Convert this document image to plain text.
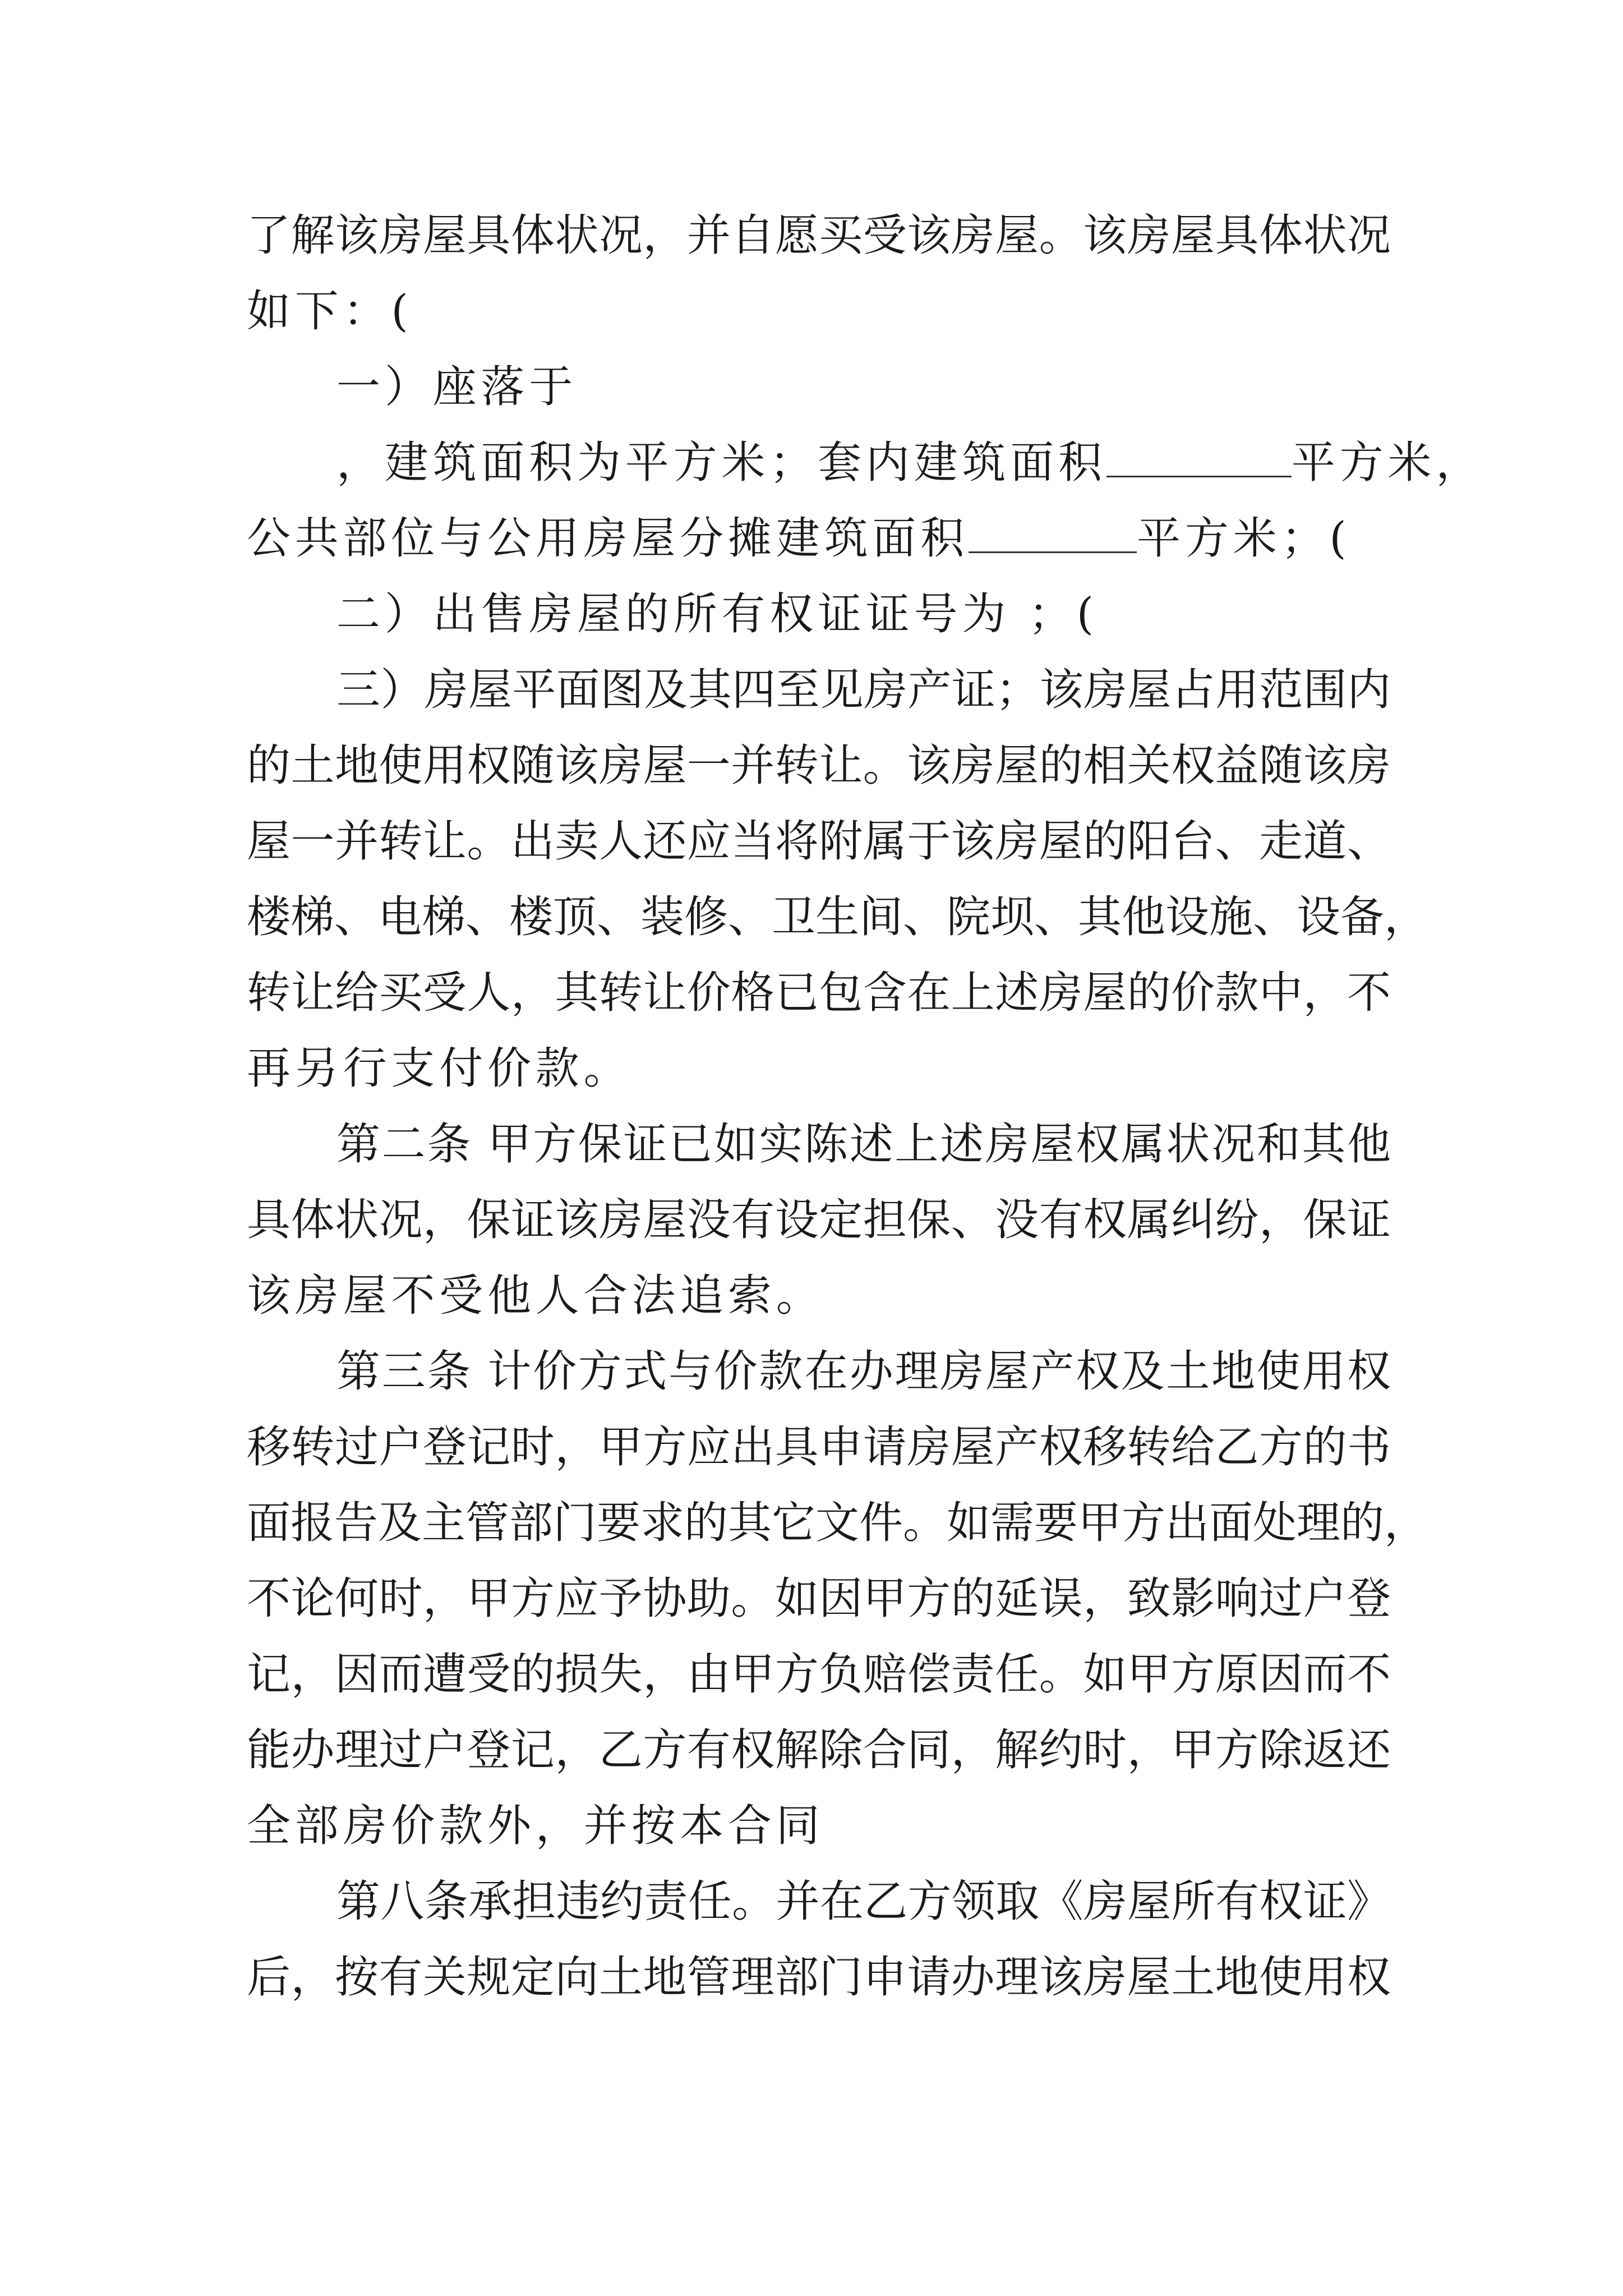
了解该房屋具体状况，并自愿买受该房屋。该房屋具体状况
如下：(
一）座落于
，建筑面积为平方米；套内建筑面积	平方米，
公共部位与公用房屋分摊建筑面积	平方米；(
二）出售房屋的所有权证证号为 ；(
三）房屋平面图及其四至见房产证；该房屋占用范围内
的土地使用权随该房屋一并转让。该房屋的相关权益随该房
屋一并转让。出卖人还应当将附属于该房屋的阳台、走道、
楼梯、电梯、楼顶、装修、卫生间、院坝、其他设施、设备，
转让给买受人，其转让价格已包含在上述房屋的价款中，不
再另行支付价款。
第二条 甲方保证已如实陈述上述房屋权属状况和其他
具体状况，保证该房屋没有设定担保、没有权属纠纷，保证
该房屋不受他人合法追索。
第三条 计价方式与价款在办理房屋产权及土地使用权
移转过户登记时，甲方应出具申请房屋产权移转给乙方的书
面报告及主管部门要求的其它文件。如需要甲方出面处理的，
不论何时，甲方应予协助。如因甲方的延误，致影响过户登
记，因而遭受的损失，由甲方负赔偿责任。如甲方原因而不
能办理过户登记，乙方有权解除合同，解约时，甲方除返还
全部房价款外，并按本合同
第八条承担违约责任。并在乙方领取《房屋所有权证》
后，按有关规定向土地管理部门申请办理该房屋土地使用权
